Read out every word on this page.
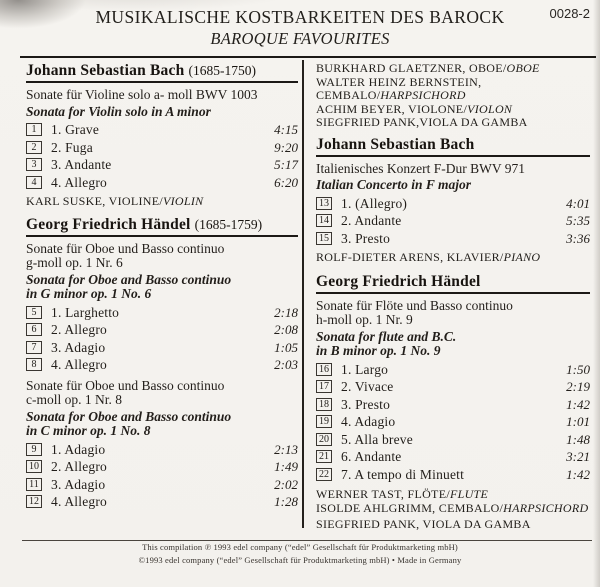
MUSIKALISCHE KOSTBARKEITEN DES BAROCK
BAROQUE FAVOURITES
0028-2
Johann Sebastian Bach (1685-1750)
Sonate für Violine solo a- moll BWV 1003
Sonata for Violin solo in A minor
1	1. Grave	4:15
2	2. Fuga	9:20
3	3. Andante	5:17
4	4. Allegro	6:20
KARL SUSKE, VIOLINE/VIOLIN
Georg Friedrich Händel (1685-1759)
Sonate für Oboe und Basso continuo
g-moll op. 1 Nr. 6
Sonata for Oboe and Basso continuo
in G minor op. 1 No. 6
5	1. Larghetto	2:18
6	2. Allegro	2:08
7	3. Adagio	1:05
8	4. Allegro	2:03
Sonate für Oboe und Basso continuo
c-moll op. 1 Nr. 8
Sonata for Oboe and Basso continuo
in C minor op. 1 No. 8
9	1. Adagio	2:13
10 2. Allegro	1:49
11 3. Adagio	2:02
12 4. Allegro	1:28
BURKHARD GLAETZNER, OBOE/OBOE
WALTER HEINZ BERNSTEIN, CEMBALO/HARPSICHORD
ACHIM BEYER, VIOLONE/VIOLON
SIEGFRIED PANK,VIOLA DA GAMBA
Johann Sebastian Bach
Italienisches Konzert F-Dur BWV 971
Italian Concerto in F major
13 1. (Allegro)	4:01
14 2. Andante	5:35
15 3. Presto	3:36
ROLF-DIETER ARENS, KLAVIER/PIANO
Georg Friedrich Händel
Sonate für Flöte und Basso continuo
h-moll op. 1 Nr. 9
Sonata for flute and B.C.
in B minor op. 1 No. 9
16 1. Largo	1:50
17 2. Vivace	2:19
18 3. Presto	1:42
19 4. Adagio	1:01
20 5. Alla breve	1:48
21 6. Andante	3:21
22 7. A tempo di Minuett	1:42
WERNER TAST, FLÖTE/FLUTE
ISOLDE AHLGRIMM, CEMBALO/HARPSICHORD
SIEGFRIED PANK, VIOLA DA GAMBA
This compilation ℗ 1993 edel company (“edel” Gesellschaft für Produktmarketing mbH)
©1993 edel company (“edel” Gesellschaft für Produktmarketing mbH) • Made in Germany
